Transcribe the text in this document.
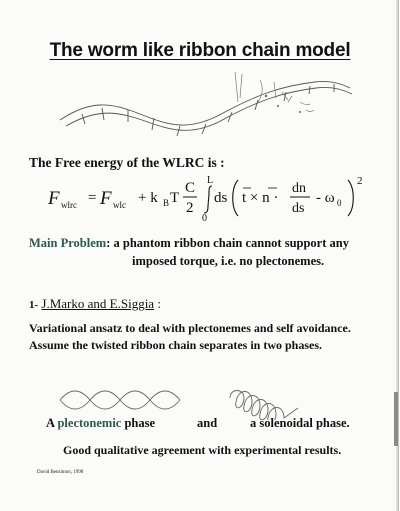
The worm like ribbon chain model
The Free energy of the WLRC is :
F wlrc = F wlc + k B T
C
2
L
0
ds t × n ·
dn
ds
- ω 0
2
Main Problem: a phantom ribbon chain cannot support any
imposed torque, i.e. no plectonemes.
1- J.Marko and E.Siggia :
Variational ansatz to deal with plectonemes and self avoidance.
Assume the twisted ribbon chain separates in two phases.
A plectonemic phase	and	a solenoidal phase.
Good qualitative agreement with experimental results.
David Bensimon, 1998
